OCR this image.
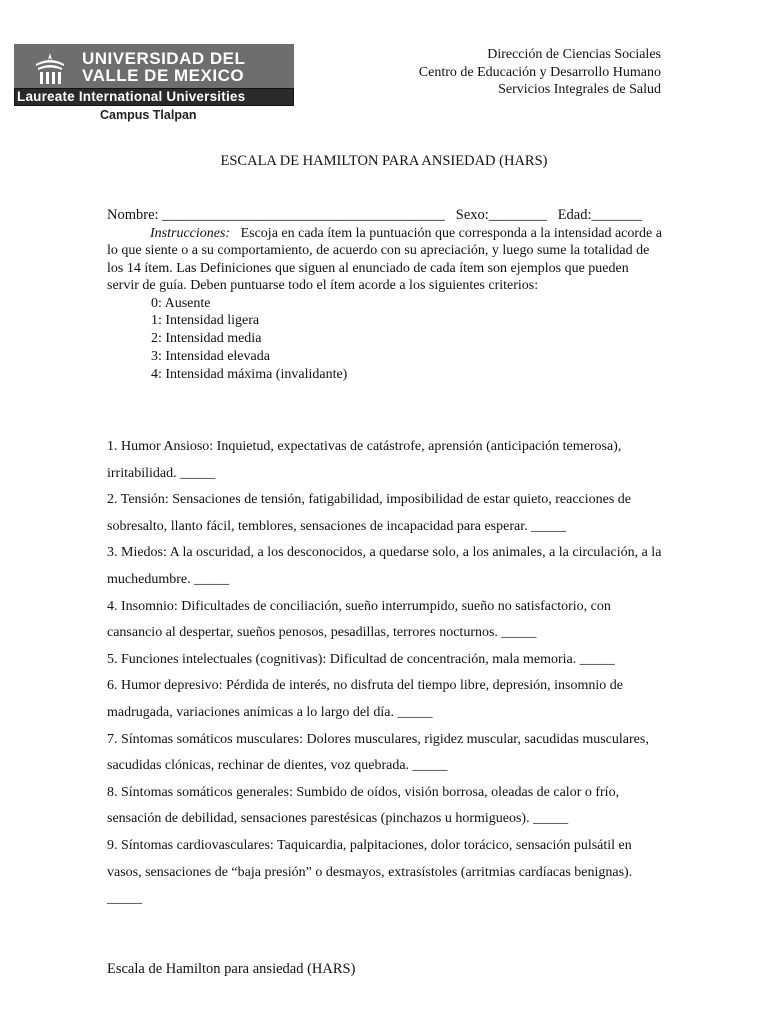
UNIVERSIDAD DEL
VALLE DE MEXICO
Laureate International Universities
Campus Tlalpan
Dirección de Ciencias Sociales
Centro de Educación y Desarrollo Humano
Servicios Integrales de Salud
ESCALA DE HAMILTON PARA ANSIEDAD (HARS)
Nombre: _______________________________________ Sexo:________ Edad:_______
Instrucciones: Escoja en cada ítem la puntuación que corresponda a la intensidad acorde a lo que siente o a su comportamiento, de acuerdo con su apreciación, y luego sume la totalidad de los 14 ítem. Las Definiciones que siguen al enunciado de cada ítem son ejemplos que pueden servir de guía. Deben puntuarse todo el ítem acorde a los siguientes criterios:
0: Ausente
1: Intensidad ligera
2: Intensidad media
3: Intensidad elevada
4: Intensidad máxima (invalidante)

1. Humor Ansioso: Inquietud, expectativas de catástrofe, aprensión (anticipación temerosa), irritabilidad. _____

2. Tensión: Sensaciones de tensión, fatigabilidad, imposibilidad de estar quieto, reacciones de sobresalto, llanto fácil, temblores, sensaciones de incapacidad para esperar. _____

3. Miedos: A la oscuridad, a los desconocidos, a quedarse solo, a los animales, a la circulación, a la muchedumbre. _____

4. Insomnio: Dificultades de conciliación, sueño interrumpido, sueño no satisfactorio, con cansancio al despertar, sueños penosos, pesadillas, terrores nocturnos. _____

5. Funciones intelectuales (cognitivas): Dificultad de concentración, mala memoria. _____

6. Humor depresivo: Pérdida de interés, no disfruta del tiempo libre, depresión, insomnio de madrugada, variaciones anímicas a lo largo del día. _____

7. Síntomas somáticos musculares: Dolores musculares, rigidez muscular, sacudidas musculares, sacudidas clónicas, rechinar de dientes, voz quebrada. _____

8. Síntomas somáticos generales: Sumbido de oídos, visión borrosa, oleadas de calor o frío, sensación de debilidad, sensaciones parestésicas (pinchazos u hormigueos). _____

9. Síntomas cardiovasculares: Taquicardia, palpitaciones, dolor torácico, sensación pulsátil en vasos, sensaciones de “baja presión” o desmayos, extrasístoles (arritmias cardíacas benignas). _____

Escala de Hamilton para ansiedad (HARS)
